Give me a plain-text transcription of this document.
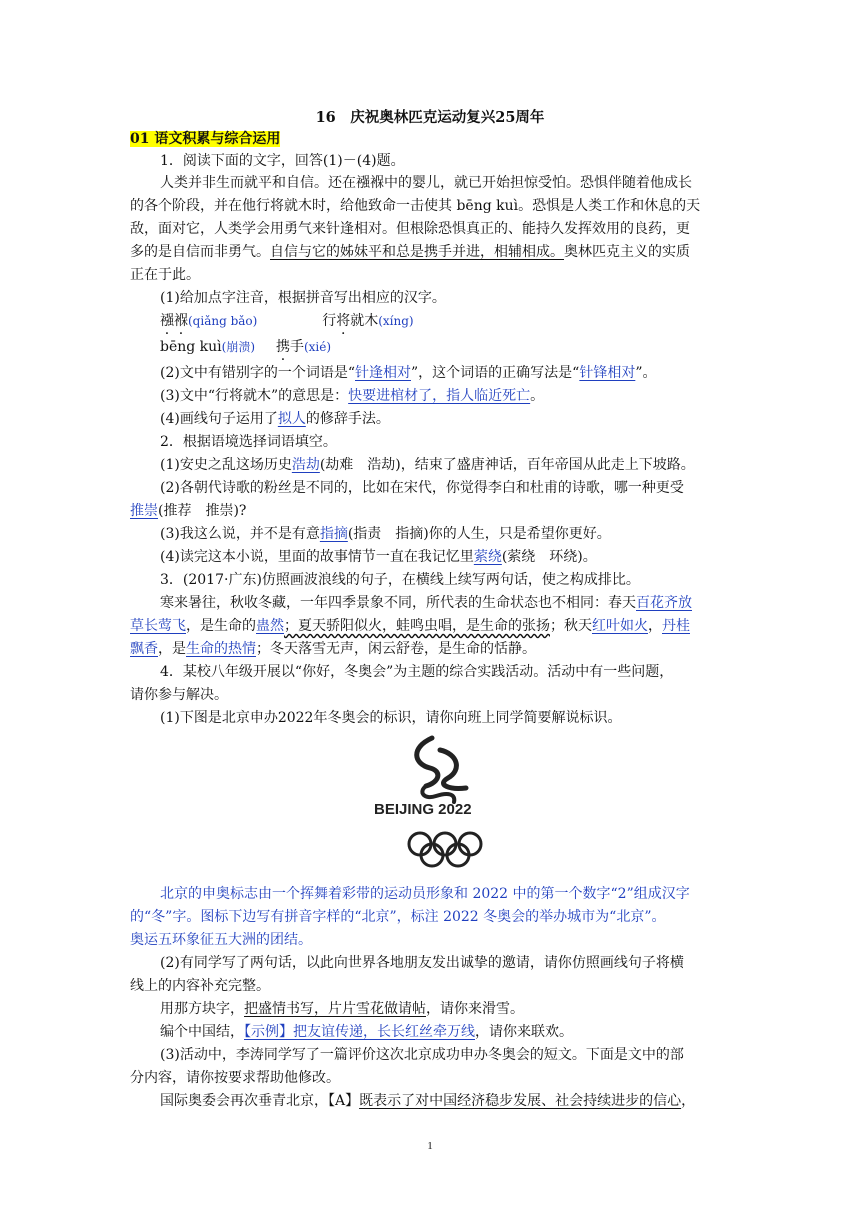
16　庆祝奥林匹克运动复兴25周年
01 语文积累与综合运用
1．阅读下面的文字，回答(1)－(4)题。
人类并非生而就平和自信。还在襁褓中的婴儿，就已开始担惊受怕。恐惧伴随着他成长
的各个阶段，并在他行将就木时，给他致命一击使其 bēng kuì。恐惧是人类工作和休息的天
敌，面对它，人类学会用勇气来针逢相对。但根除恐惧真正的、能持久发挥效用的良药，更
多的是自信而非勇气。自信与它的姊妹平和总是携手并进，相辅相成。奥林匹克主义的实质
正在于此。
(1)给加点字注音，根据拼音写出相应的汉字。
襁褓(qiǎng bǎo)	行将就木(xíng)
bēng kuì(崩溃) 携手(xié)
(2)文中有错别字的一个词语是“针逢相对”，这个词语的正确写法是“针锋相对”。
(3)文中“行将就木”的意思是：快要进棺材了，指人临近死亡。
(4)画线句子运用了拟人的修辞手法。
2．根据语境选择词语填空。
(1)安史之乱这场历史浩劫(劫难　浩劫)，结束了盛唐神话，百年帝国从此走上下坡路。
(2)各朝代诗歌的粉丝是不同的，比如在宋代，你觉得李白和杜甫的诗歌，哪一种更受
推崇(推荐　推崇)?
(3)我这么说，并不是有意指摘(指责　指摘)你的人生，只是希望你更好。
(4)读完这本小说，里面的故事情节一直在我记忆里萦绕(萦绕　环绕)。
3．(2017·广东)仿照画波浪线的句子，在横线上续写两句话，使之构成排比。
寒来暑往，秋收冬藏，一年四季景象不同，所代表的生命状态也不相同：春天百花齐放
草长莺飞，是生命的蛊然；夏天骄阳似火，蛙鸣虫唱，是生命的张扬；秋天红叶如火，丹桂
飘香，是生命的热情；冬天落雪无声，闲云舒卷，是生命的恬静。
4．某校八年级开展以“你好，冬奥会”为主题的综合实践活动。活动中有一些问题，
请你参与解决。
(1)下图是北京申办2022年冬奥会的标识，请你向班上同学简要解说标识。
BEIJING 2022
北京的申奥标志由一个挥舞着彩带的运动员形象和 2022 中的第一个数字“2”组成汉字
的“冬”字。图标下边写有拼音字样的“北京”，标注 2022 冬奥会的举办城市为“北京”。
奥运五环象征五大洲的团结。
(2)有同学写了两句话，以此向世界各地朋友发出诚挚的邀请，请你仿照画线句子将横
线上的内容补充完整。
用那方块字，把盛情书写，片片雪花做请帖，请你来滑雪。
编个中国结，【示例】把友谊传递，长长红丝牵万线，请你来联欢。
(3)活动中，李涛同学写了一篇评价这次北京成功申办冬奥会的短文。下面是文中的部
分内容，请你按要求帮助他修改。
国际奥委会再次垂青北京，【A】既表示了对中国经济稳步发展、社会持续进步的信心，
1
